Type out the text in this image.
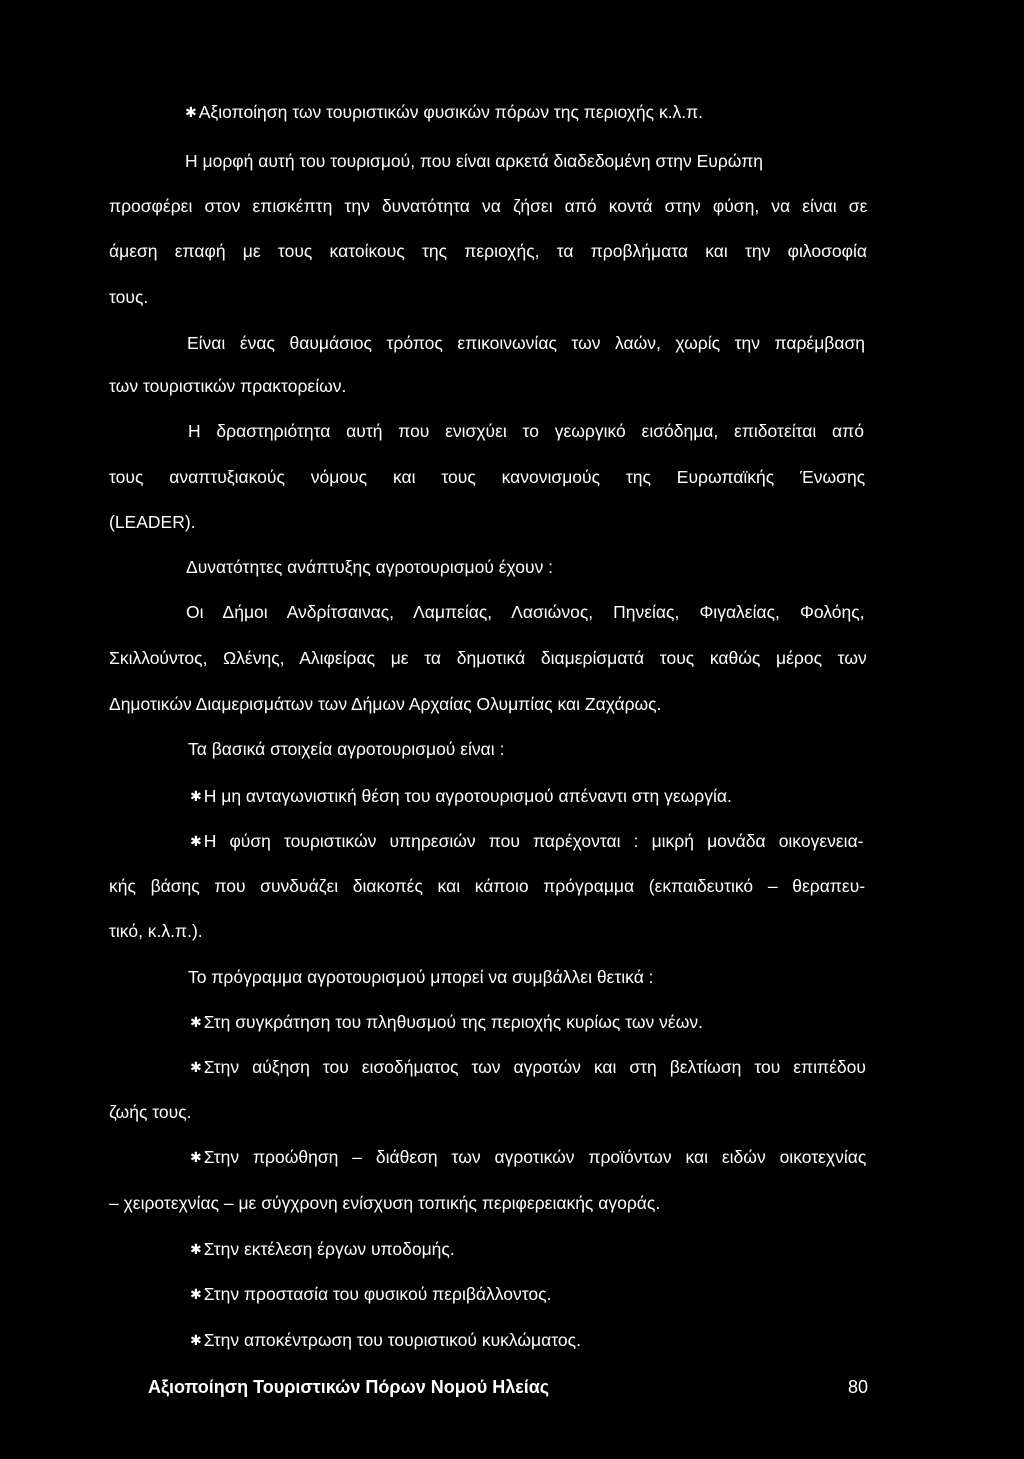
✱ Αξιοποίηση των τουριστικών φυσικών πόρων της περιοχής κ.λ.π.
Η μορφή αυτή του τουρισμού, που είναι αρκετά διαδεδομένη στην Ευρώπη
προσφέρει στον επισκέπτη την δυνατότητα να ζήσει από κοντά στην φύση, να είναι σε
άμεση επαφή με τους κατοίκους της περιοχής, τα προβλήματα και την φιλοσοφία
τους.
Είναι ένας θαυμάσιος τρόπος επικοινωνίας των λαών, χωρίς την παρέμβαση
των τουριστικών πρακτορείων.
Η δραστηριότητα αυτή που ενισχύει το γεωργικό εισόδημα, επιδοτείται από
τους αναπτυξιακούς νόμους και τους κανονισμούς της Ευρωπαϊκής Ένωσης
(LEADER).
Δυνατότητες ανάπτυξης αγροτουρισμού έχουν :
Οι Δήμοι Ανδρίτσαινας, Λαμπείας, Λασιώνος, Πηνείας, Φιγαλείας, Φολόης,
Σκιλλούντος, Ωλένης, Αλιφείρας με τα δημοτικά διαμερίσματά τους καθώς μέρος των
Δημοτικών Διαμερισμάτων των Δήμων Αρχαίας Ολυμπίας και Ζαχάρως.
Τα βασικά στοιχεία αγροτουρισμού είναι :
✱ Η μη ανταγωνιστική θέση του αγροτουρισμού απέναντι στη γεωργία.
✱ Η φύση τουριστικών υπηρεσιών που παρέχονται : μικρή μονάδα οικογενεια-
κής βάσης που συνδυάζει διακοπές και κάποιο πρόγραμμα (εκπαιδευτικό – θεραπευ-
τικό, κ.λ.π.).
Το πρόγραμμα αγροτουρισμού μπορεί να συμβάλλει θετικά :
✱ Στη συγκράτηση του πληθυσμού της περιοχής κυρίως των νέων.
✱ Στην αύξηση του εισοδήματος των αγροτών και στη βελτίωση του επιπέδου
ζωής τους.
✱ Στην προώθηση – διάθεση των αγροτικών προϊόντων και ειδών οικοτεχνίας
– χειροτεχνίας – με σύγχρονη ενίσχυση τοπικής περιφερειακής αγοράς.
✱ Στην εκτέλεση έργων υποδομής.
✱ Στην προστασία του φυσικού περιβάλλοντος.
✱ Στην αποκέντρωση του τουριστικού κυκλώματος.
Αξιοποίηση Τουριστικών Πόρων Νομού Ηλείας	80
